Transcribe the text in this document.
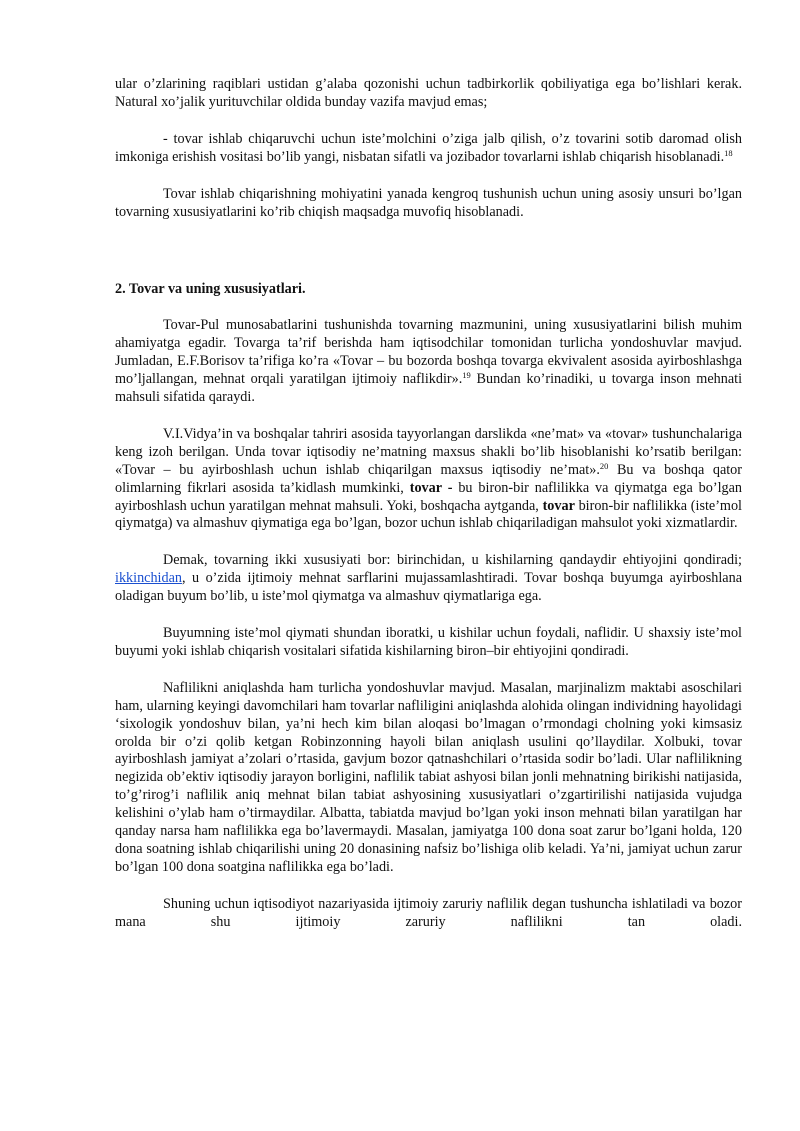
ular o’zlarining raqiblari ustidan g’alaba qozonishi uchun tadbirkorlik qobiliyatiga ega bo’lishlari kerak. Natural xo’jalik yurituvchilar oldida bunday vazifa mavjud emas;

- tovar ishlab chiqaruvchi uchun iste’molchini o’ziga jalb qilish, o’z tovarini sotib daromad olish imkoniga erishish vositasi bo’lib yangi, nisbatan sifatli va jozibador tovarlarni ishlab chiqarish hisoblanadi.$^{18}$

Tovar ishlab chiqarishning mohiyatini yanada kengroq tushunish uchun uning asosiy unsuri bo’lgan tovarning xususiyatlarini ko’rib chiqish maqsadga muvofiq hisoblanadi.

2. Tovar va uning xususiyatlari.

Tovar-Pul munosabatlarini tushunishda tovarning mazmunini, uning xususiyatlarini bilish muhim ahamiyatga egadir. Tovarga ta’rif berishda ham iqtisodchilar tomonidan turlicha yondoshuvlar mavjud. Jumladan, E.F.Borisov ta’rifiga ko’ra «Tovar – bu bozorda boshqa tovarga ekvivalent asosida ayirboshlashga mo’ljallangan, mehnat orqali yaratilgan ijtimoiy naflikdir».$^{19}$ Bundan ko’rinadiki, u tovarga inson mehnati mahsuli sifatida qaraydi.

V.I.Vidya’in va boshqalar tahriri asosida tayyorlangan darslikda «ne’mat» va «tovar» tushunchalariga keng izoh berilgan. Unda tovar iqtisodiy ne’matning maxsus shakli bo’lib hisoblanishi ko’rsatib berilgan: «Tovar – bu ayirboshlash uchun ishlab chiqarilgan maxsus iqtisodiy ne’mat».$^{20}$ Bu va boshqa qator olimlarning fikrlari asosida ta’kidlash mumkinki, tovar - bu biron-bir naflilikka va qiymatga ega bo’lgan ayirboshlash uchun yaratilgan mehnat mahsuli. Yoki, boshqacha aytganda, tovar biron-bir naflilikka (iste’mol qiymatga) va almashuv qiymatiga ega bo’lgan, bozor uchun ishlab chiqariladigan mahsulot yoki xizmatlardir.

Demak, tovarning ikki xususiyati bor: birinchidan, u kishilarning qandaydir ehtiyojini qondiradi; ikkinchidan, u o’zida ijtimoiy mehnat sarflarini mujassamlashtiradi. Tovar boshqa buyumga ayirboshlana oladigan buyum bo’lib, u iste’mol qiymatga va almashuv qiymatlariga ega.

Buyumning iste’mol qiymati shundan iboratki, u kishilar uchun foydali, naflidir. U shaxsiy iste’mol buyumi yoki ishlab chiqarish vositalari sifatida kishilarning biron–bir ehtiyojini qondiradi.

Naflilikni aniqlashda ham turlicha yondoshuvlar mavjud. Masalan, marjinalizm maktabi asoschilari ham, ularning keyingi davomchilari ham tovarlar nafliligini aniqlashda alohida olingan individning hayolidagi ‘sixologik yondoshuv bilan, ya’ni hech kim bilan aloqasi bo’lmagan o’rmondagi cholning yoki kimsasiz orolda bir o’zi qolib ketgan Robinzonning hayoli bilan aniqlash usulini qo’llaydilar. Xolbuki, tovar ayirboshlash jamiyat a’zolari o’rtasida, gavjum bozor qatnashchilari o’rtasida sodir bo’ladi. Ular naflilikning negizida ob’ektiv iqtisodiy jarayon borligini, naflilik tabiat ashyosi bilan jonli mehnatning birikishi natijasida, to’g’rirog’i naflilik aniq mehnat bilan tabiat ashyosining xususiyatlari o’zgartirilishi natijasida vujudga kelishini o’ylab ham o’tirmaydilar. Albatta, tabiatda mavjud bo’lgan yoki inson mehnati bilan yaratilgan har qanday narsa ham naflilikka ega bo’lavermaydi. Masalan, jamiyatga 100 dona soat zarur bo’lgani holda, 120 dona soatning ishlab chiqarilishi uning 20 donasining nafsiz bo’lishiga olib keladi. Ya’ni, jamiyat uchun zarur bo’lgan 100 dona soatgina naflilikka ega bo’ladi.

Shuning uchun iqtisodiyot nazariyasida ijtimoiy zaruriy naflilik degan tushuncha ishlatiladi va bozor mana shu ijtimoiy zaruriy naflilikni tan oladi.
